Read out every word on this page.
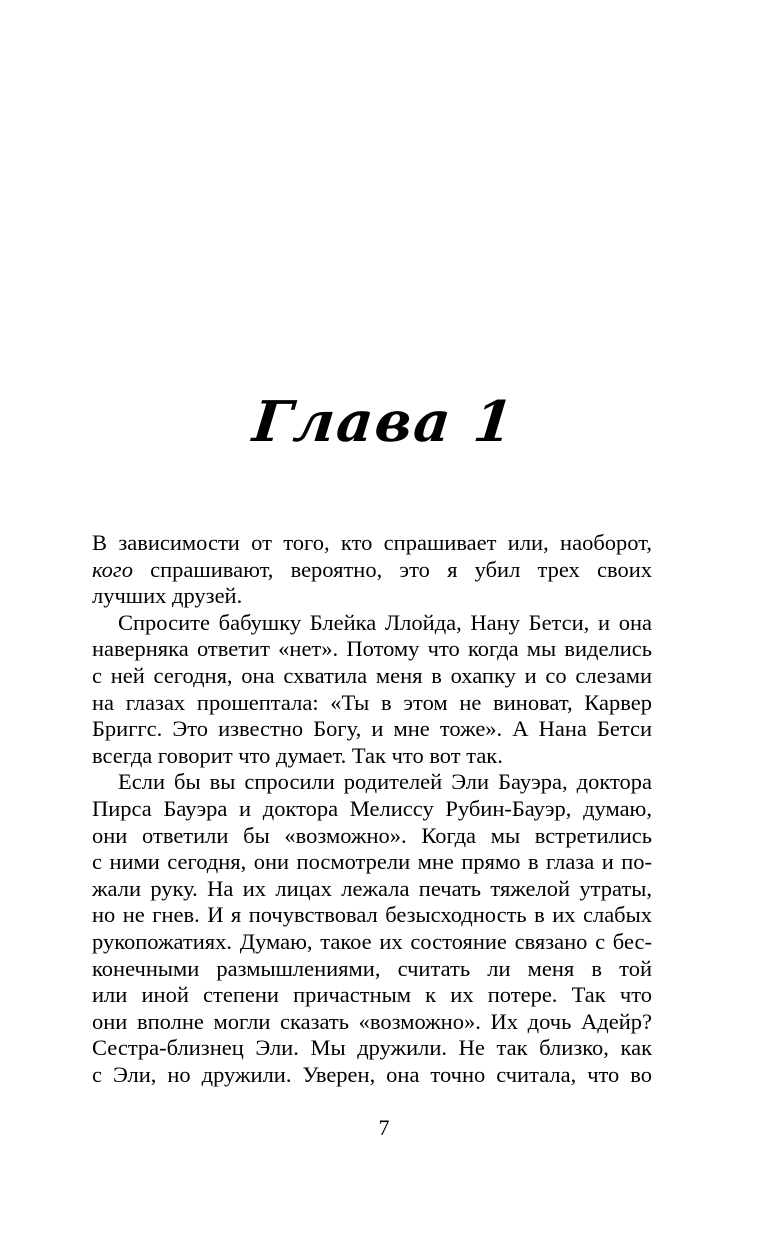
Глава 1
В зависимости от того, кто спрашивает или, наоборот,
кого спрашивают, вероятно, это я убил трех своих
лучших друзей.
Спросите бабушку Блейка Ллойда, Нану Бетси, и она
наверняка ответит «нет». Потому что когда мы виделись
с ней сегодня, она схватила меня в охапку и со слезами
на глазах прошептала: «Ты в этом не виноват, Карвер
Бриггс. Это известно Богу, и мне тоже». А Нана Бетси
всегда говорит что думает. Так что вот так.
Если бы вы спросили родителей Эли Бауэра, доктора
Пирса Бауэра и доктора Мелиссу Рубин-Бауэр, думаю,
они ответили бы «возможно». Когда мы встретились
с ними сегодня, они посмотрели мне прямо в глаза и по-
жали руку. На их лицах лежала печать тяжелой утраты,
но не гнев. И я почувствовал безысходность в их слабых
рукопожатиях. Думаю, такое их состояние связано с бес-
конечными размышлениями, считать ли меня в той
или иной степени причастным к их потере. Так что
они вполне могли сказать «возможно». Их дочь Адейр?
Сестра-близнец Эли. Мы дружили. Не так близко, как
с Эли, но дружили. Уверен, она точно считала, что во
7
